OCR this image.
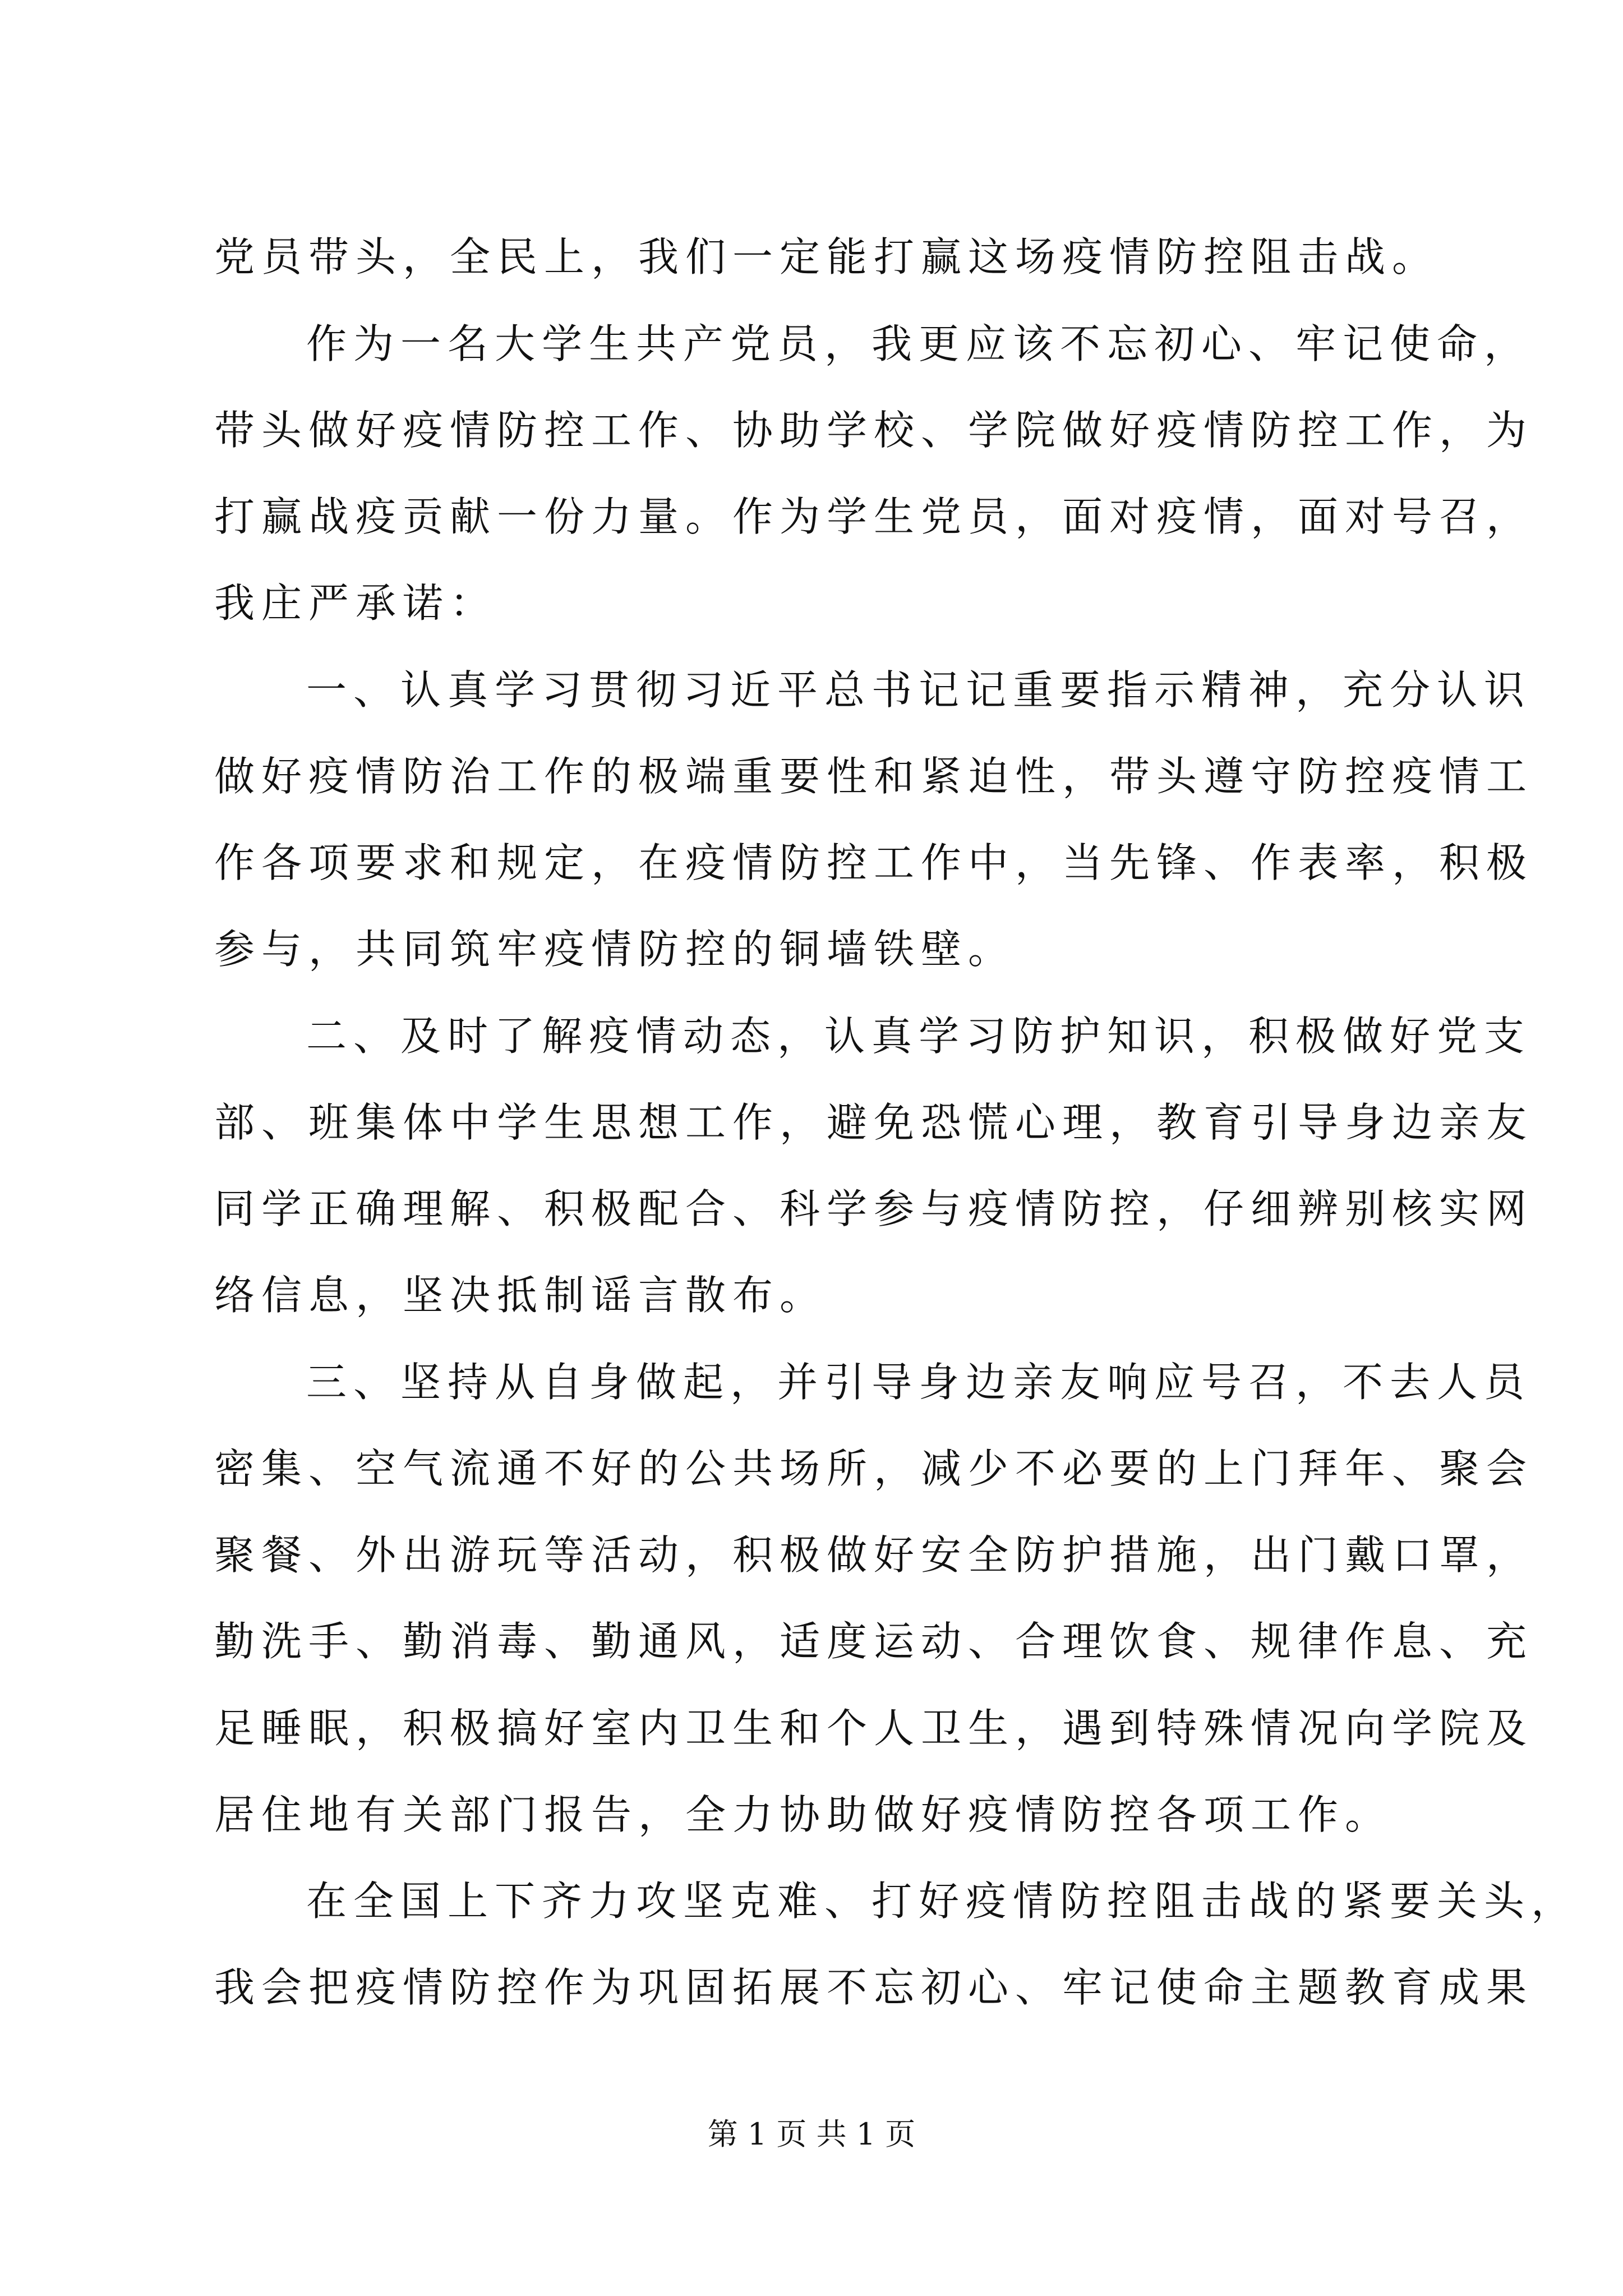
党员带头，全民上，我们一定能打赢这场疫情防控阻击战。

作为一名大学生共产党员，我更应该不忘初心、牢记使命，

带头做好疫情防控工作、协助学校、学院做好疫情防控工作，为

打赢战疫贡献一份力量。作为学生党员，面对疫情，面对号召，

我庄严承诺：

一、认真学习贯彻习近平总书记记重要指示精神，充分认识

做好疫情防治工作的极端重要性和紧迫性，带头遵守防控疫情工

作各项要求和规定，在疫情防控工作中，当先锋、作表率，积极

参与，共同筑牢疫情防控的铜墙铁壁。

二、及时了解疫情动态，认真学习防护知识，积极做好党支

部、班集体中学生思想工作，避免恐慌心理，教育引导身边亲友

同学正确理解、积极配合、科学参与疫情防控，仔细辨别核实网

络信息，坚决抵制谣言散布。

三、坚持从自身做起，并引导身边亲友响应号召，不去人员

密集、空气流通不好的公共场所，减少不必要的上门拜年、聚会

聚餐、外出游玩等活动，积极做好安全防护措施，出门戴口罩，

勤洗手、勤消毒、勤通风，适度运动、合理饮食、规律作息、充

足睡眠，积极搞好室内卫生和个人卫生，遇到特殊情况向学院及

居住地有关部门报告，全力协助做好疫情防控各项工作。

在全国上下齐力攻坚克难、打好疫情防控阻击战的紧要关头，

我会把疫情防控作为巩固拓展不忘初心、牢记使命主题教育成果

第 1 页 共 1 页
